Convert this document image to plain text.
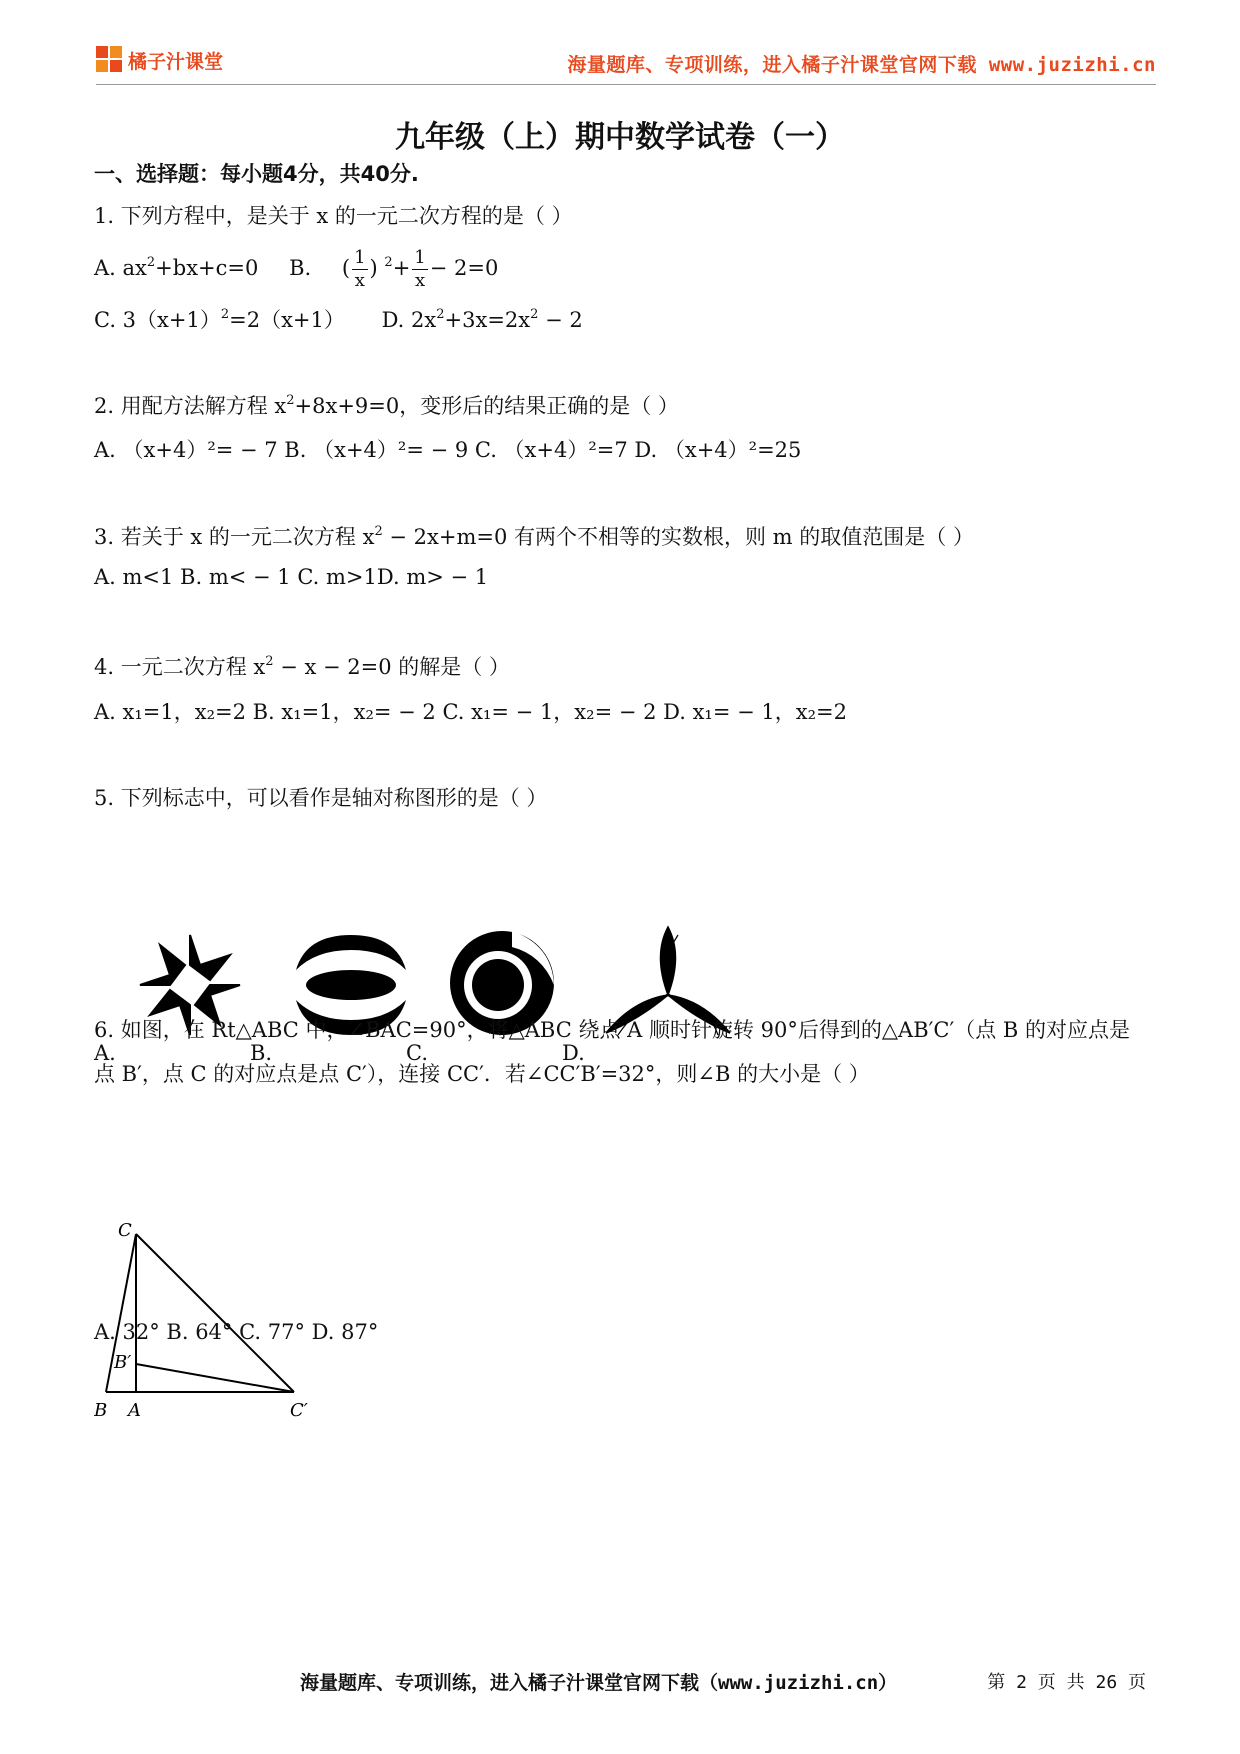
橘子汁课堂	海量题库、专项训练，进入橘子汁课堂官网下载 www.juzizhi.cn
九年级（上）期中数学试卷（一）
一、选择题：每小题4分，共40分.
1. 下列方程中，是关于 x 的一元二次方程的是（ ）
A. $ax^2+bx+c=0$ B. ( $\frac{1}{x}$ ) $^2+ \frac{1}{x} - 2=0$
C. $3(x+1)^2=2(x+1)$ D. $2x^2+3x=2x^2 - 2$
2. 用配方法解方程 $x^2+8x+9=0$，变形后的结果正确的是（ ）
A. （x+4）²= − 7 B. （x+4）²= − 9 C. （x+4）²=7 D. （x+4）²=25
3. 若关于 x 的一元二次方程 $x^2 - 2x+m=0$ 有两个不相等的实数根，则 m 的取值范围是（ ）
A. m<1 B. m< − 1 C. m>1D. m> − 1
4. 一元二次方程 $x^2 - x - 2=0$ 的解是（ ）
A. x₁=1，x₂=2 B. x₁=1，x₂= − 2 C. x₁= − 1，x₂= − 2 D. x₁= − 1，x₂=2
5. 下列标志中，可以看作是轴对称图形的是（ ）
A.	B.	C.	D.
6. 如图，在 Rt△ABC 中，∠BAC=90°，将△ABC 绕点 A 顺时针旋转 90°后得到的△AB′C′（点 B 的对应点是
点 B′，点 C 的对应点是点 C′），连接 CC′．若∠CC′B′=32°，则∠B 的大小是（ ）
C
B′
B A	C′
A. 32° B. 64° C. 77° D. 87°
海量题库、专项训练，进入橘子汁课堂官网下载（www.juzizhi.cn）	第 2 页 共 26 页
